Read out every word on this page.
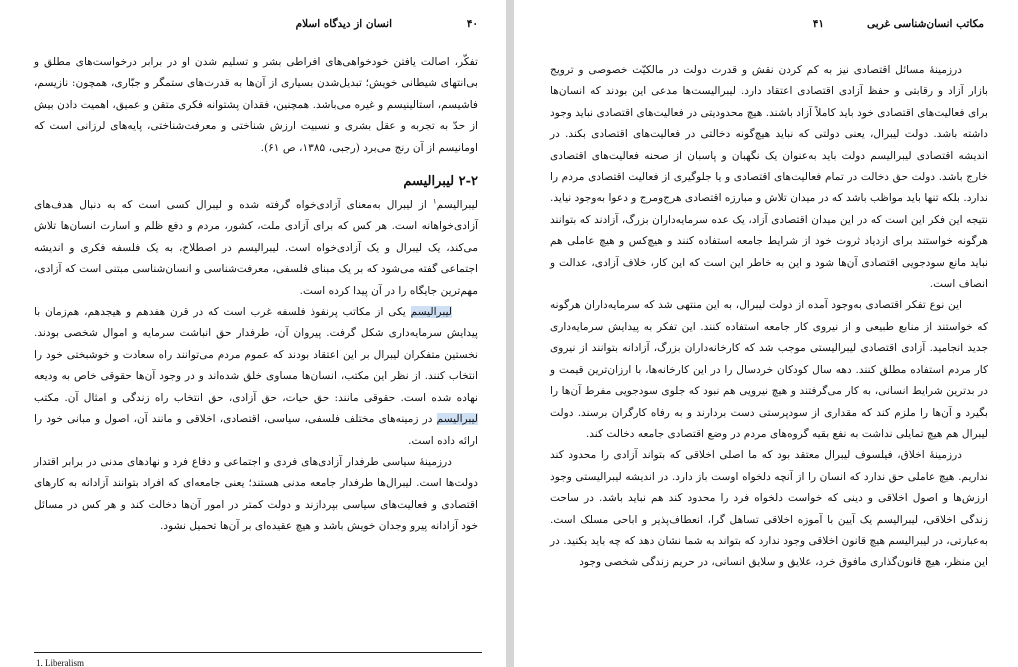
۴۰
انسان از دیدگاه اسلام

تفکّر، اصالت یافتن خودخواهی‌های افراطی بشر و تسلیم شدن او در برابر درخواست‌های مطلق و بی‌انتهای شیطانی خویش؛ تبدیل‌شدن بسیاری از آن‌ها به قدرت‌های ستمگر و جبّاری، همچون: نازیسم، فاشیسم، استالینیسم و غیره می‌باشد. همچنین، فقدان پشتوانه فکری متقن و عمیق، اهمیت دادن بیش از حدّ به تجربه و عقل بشری و نسبیت ارزش شناختی و معرفت‌شناختی، پایه‌های لرزانی است که اومانیسم از آن رنج می‌برد (رجبی، ۱۳۸۵، ص ۶۱).

۲-۲ لیبرالیسم

لیبرالیسم$^۱$ از لیبرال به‌معنای آزادی‌خواه گرفته شده و لیبرال کسی است که به دنبال هدف‌های آزادی‌خواهانه است. هر کس که برای آزادی ملت، کشور، مردم و دفع ظلم و اسارت انسان‌ها تلاش می‌کند، یک لیبرال و یک آزادی‌خواه است. لیبرالیسم در اصطلاح، به یک فلسفه فکری و اندیشه اجتماعی گفته می‌شود که بر یک مبنای فلسفی، معرفت‌شناسی و انسان‌شناسی مبتنی است که آزادی، مهم‌ترین جایگاه را در آن پیدا کرده است.

لیبرالیسم یکی از مکاتب پرنفوذ فلسفه غرب است که در قرن هفدهم و هیجدهم، هم‌زمان با پیدایش سرمایه‌داری شکل گرفت. پیروان آن، طرفدار حق انباشت سرمایه و اموال شخصی بودند. نخستین متفکران لیبرال بر این اعتقاد بودند که عموم مردم می‌توانند راه سعادت و خوشبختی خود را انتخاب کنند. از نظر این مکتب، انسان‌ها مساوی خلق شده‌اند و در وجود آن‌ها حقوقی خاص به ودیعه نهاده شده است. حقوقی مانند: حق حیات، حق آزادی، حق انتخاب راه زندگی و امثال آن. مکتب لیبرالیسم در زمینه‌های مختلف فلسفی، سیاسی، اقتصادی، اخلاقی و مانند آن، اصول و مبانی خود را ارائه داده است.

درزمینهٔ سیاسی طرفدار آزادی‌های فردی و اجتماعی و دفاع فرد و نهادهای مدنی در برابر اقتدار دولت‌ها است. لیبرال‌ها طرفدار جامعه مدنی هستند؛ یعنی جامعه‌ای که افراد بتوانند آزادانه به کارهای اقتصادی و فعالیت‌های سیاسی بپردازند و دولت کمتر در امور آن‌ها دخالت کند و هر کس در مسائل خود آزادانه پیرو وجدان خویش باشد و هیچ عقیده‌ای بر آن‌ها تحمیل نشود.

1. Liberalism
مکاتب انسان‌شناسی غربی
۴۱

درزمینهٔ مسائل اقتصادی نیز به کم کردن نقش و قدرت دولت در مالکیّت خصوصی و ترویج بازار آزاد و رقابتی و حفظ آزادی اقتصادی اعتقاد دارد. لیبرالیست‌ها مدعی این بودند که انسان‌ها برای فعالیت‌های اقتصادی خود باید کاملاً آزاد باشند. هیچ محدودیتی در فعالیت‌های اقتصادی نباید وجود داشته باشد. دولت لیبرال، یعنی دولتی که نباید هیچ‌گونه دخالتی در فعالیت‌های اقتصادی بکند. در اندیشه اقتصادی لیبرالیسم دولت باید به‌عنوان یک نگهبان و پاسبان از صحنه فعالیت‌های اقتصادی خارج باشد. دولت حق دخالت در تمام فعالیت‌های اقتصادی و یا جلوگیری از فعالیت اقتصادی مردم را ندارد. بلکه تنها باید مواظب باشد که در میدان تلاش و مبارزه اقتصادی هرج‌ومرج و دعوا به‌وجود نیاید. نتیجه این فکر این است که در این میدان اقتصادی آزاد، یک عده سرمایه‌داران بزرگ، آزادند که بتوانند هرگونه خواستند برای ازدیاد ثروت خود از شرایط جامعه استفاده کنند و هیچ‌کس و هیچ عاملی هم نباید مانع سودجویی اقتصادی آن‌ها شود و این به خاطر این است که این کار، خلاف آزادی، عدالت و انصاف است.

این نوع تفکر اقتصادی به‌وجود آمده از دولت لیبرال، به این منتهی شد که سرمایه‌داران هرگونه که خواستند از منابع طبیعی و از نیروی کار جامعه استفاده کنند. این تفکر به پیدایش سرمایه‌داری جدید انجامید. آزادی اقتصادی لیبرالیستی موجب شد که کارخانه‌داران بزرگ، آزادانه بتوانند از نیروی کار مردم استفاده مطلق کنند. دهه سال کودکان خردسال را در این کارخانه‌ها، با ارزان‌ترین قیمت و در بدترین شرایط انسانی، به کار می‌گرفتند و هیچ نیرویی هم نبود که جلوی سودجویی مفرط آن‌ها را بگیرد و آن‌ها را ملزم کند که مقداری از سودپرستی دست بردارند و به رفاه کارگران برسند. دولت لیبرال هم هیچ تمایلی نداشت به نفع بقیه گروه‌های مردم در وضع اقتصادی جامعه دخالت کند.

درزمینهٔ اخلاق، فیلسوف لیبرال معتقد بود که ما اصلی اخلاقی که بتواند آزادی را محدود کند نداریم. هیچ عاملی حق ندارد که انسان را از آنچه دلخواه اوست باز دارد. در اندیشه لیبرالیستی وجود ارزش‌ها و اصول اخلاقی و دینی که خواست دلخواه فرد را محدود کند هم نباید باشد. در ساحت زندگی اخلاقی، لیبرالیسم یک آیین با آموزه اخلاقی تساهل گرا، انعطاف‌پذیر و اباحی مسلک است. به‌عبارتی، در لیبرالیسم هیچ قانون اخلاقی وجود ندارد که بتواند به شما نشان دهد که چه باید بکنید. در این منظر، هیچ قانون‌گذاری مافوق خرد، علایق و سلایق انسانی، در حریم زندگی شخصی وجود
